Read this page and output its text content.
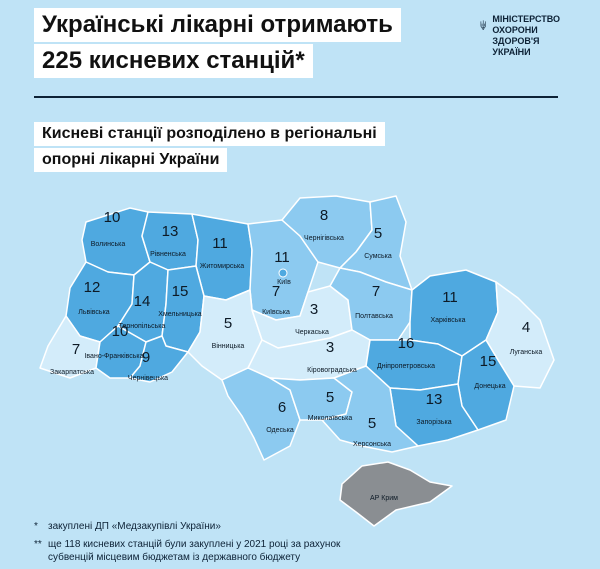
Українські лікарні отримають
225 кисневих станцій*
МІНІСТЕРСТВО
ОХОРОНИ
ЗДОРОВ'Я
УКРАЇНИ
Кисневі станції розподілено в регіональні
опорні лікарні України
10
Волинська
13
Рівненська
11
Житомирська
8
Чернігівська 5
Сумська
11
Київ
12
Львівська
14
Тернопільська
15
Хмельницька
7
Київська 3
Черкаська
7
Полтавська
11
Харківська	4
Луганська
5
Вінницька
10
Івано-Франківська
7
Закарпатська
9
Чернівецька
3
Кіровоградська
16
Дніпропетровська	15
Донецька
6
Одеська
5
Миколаївська
13
Запорізька
5
Херсонська
АР Крим
* закуплені ДП «Медзакупівлі України»
** ще 118 кисневих станцій були закуплені у 2021 році за рахунок
субвенцій місцевим бюджетам із державного бюджету
